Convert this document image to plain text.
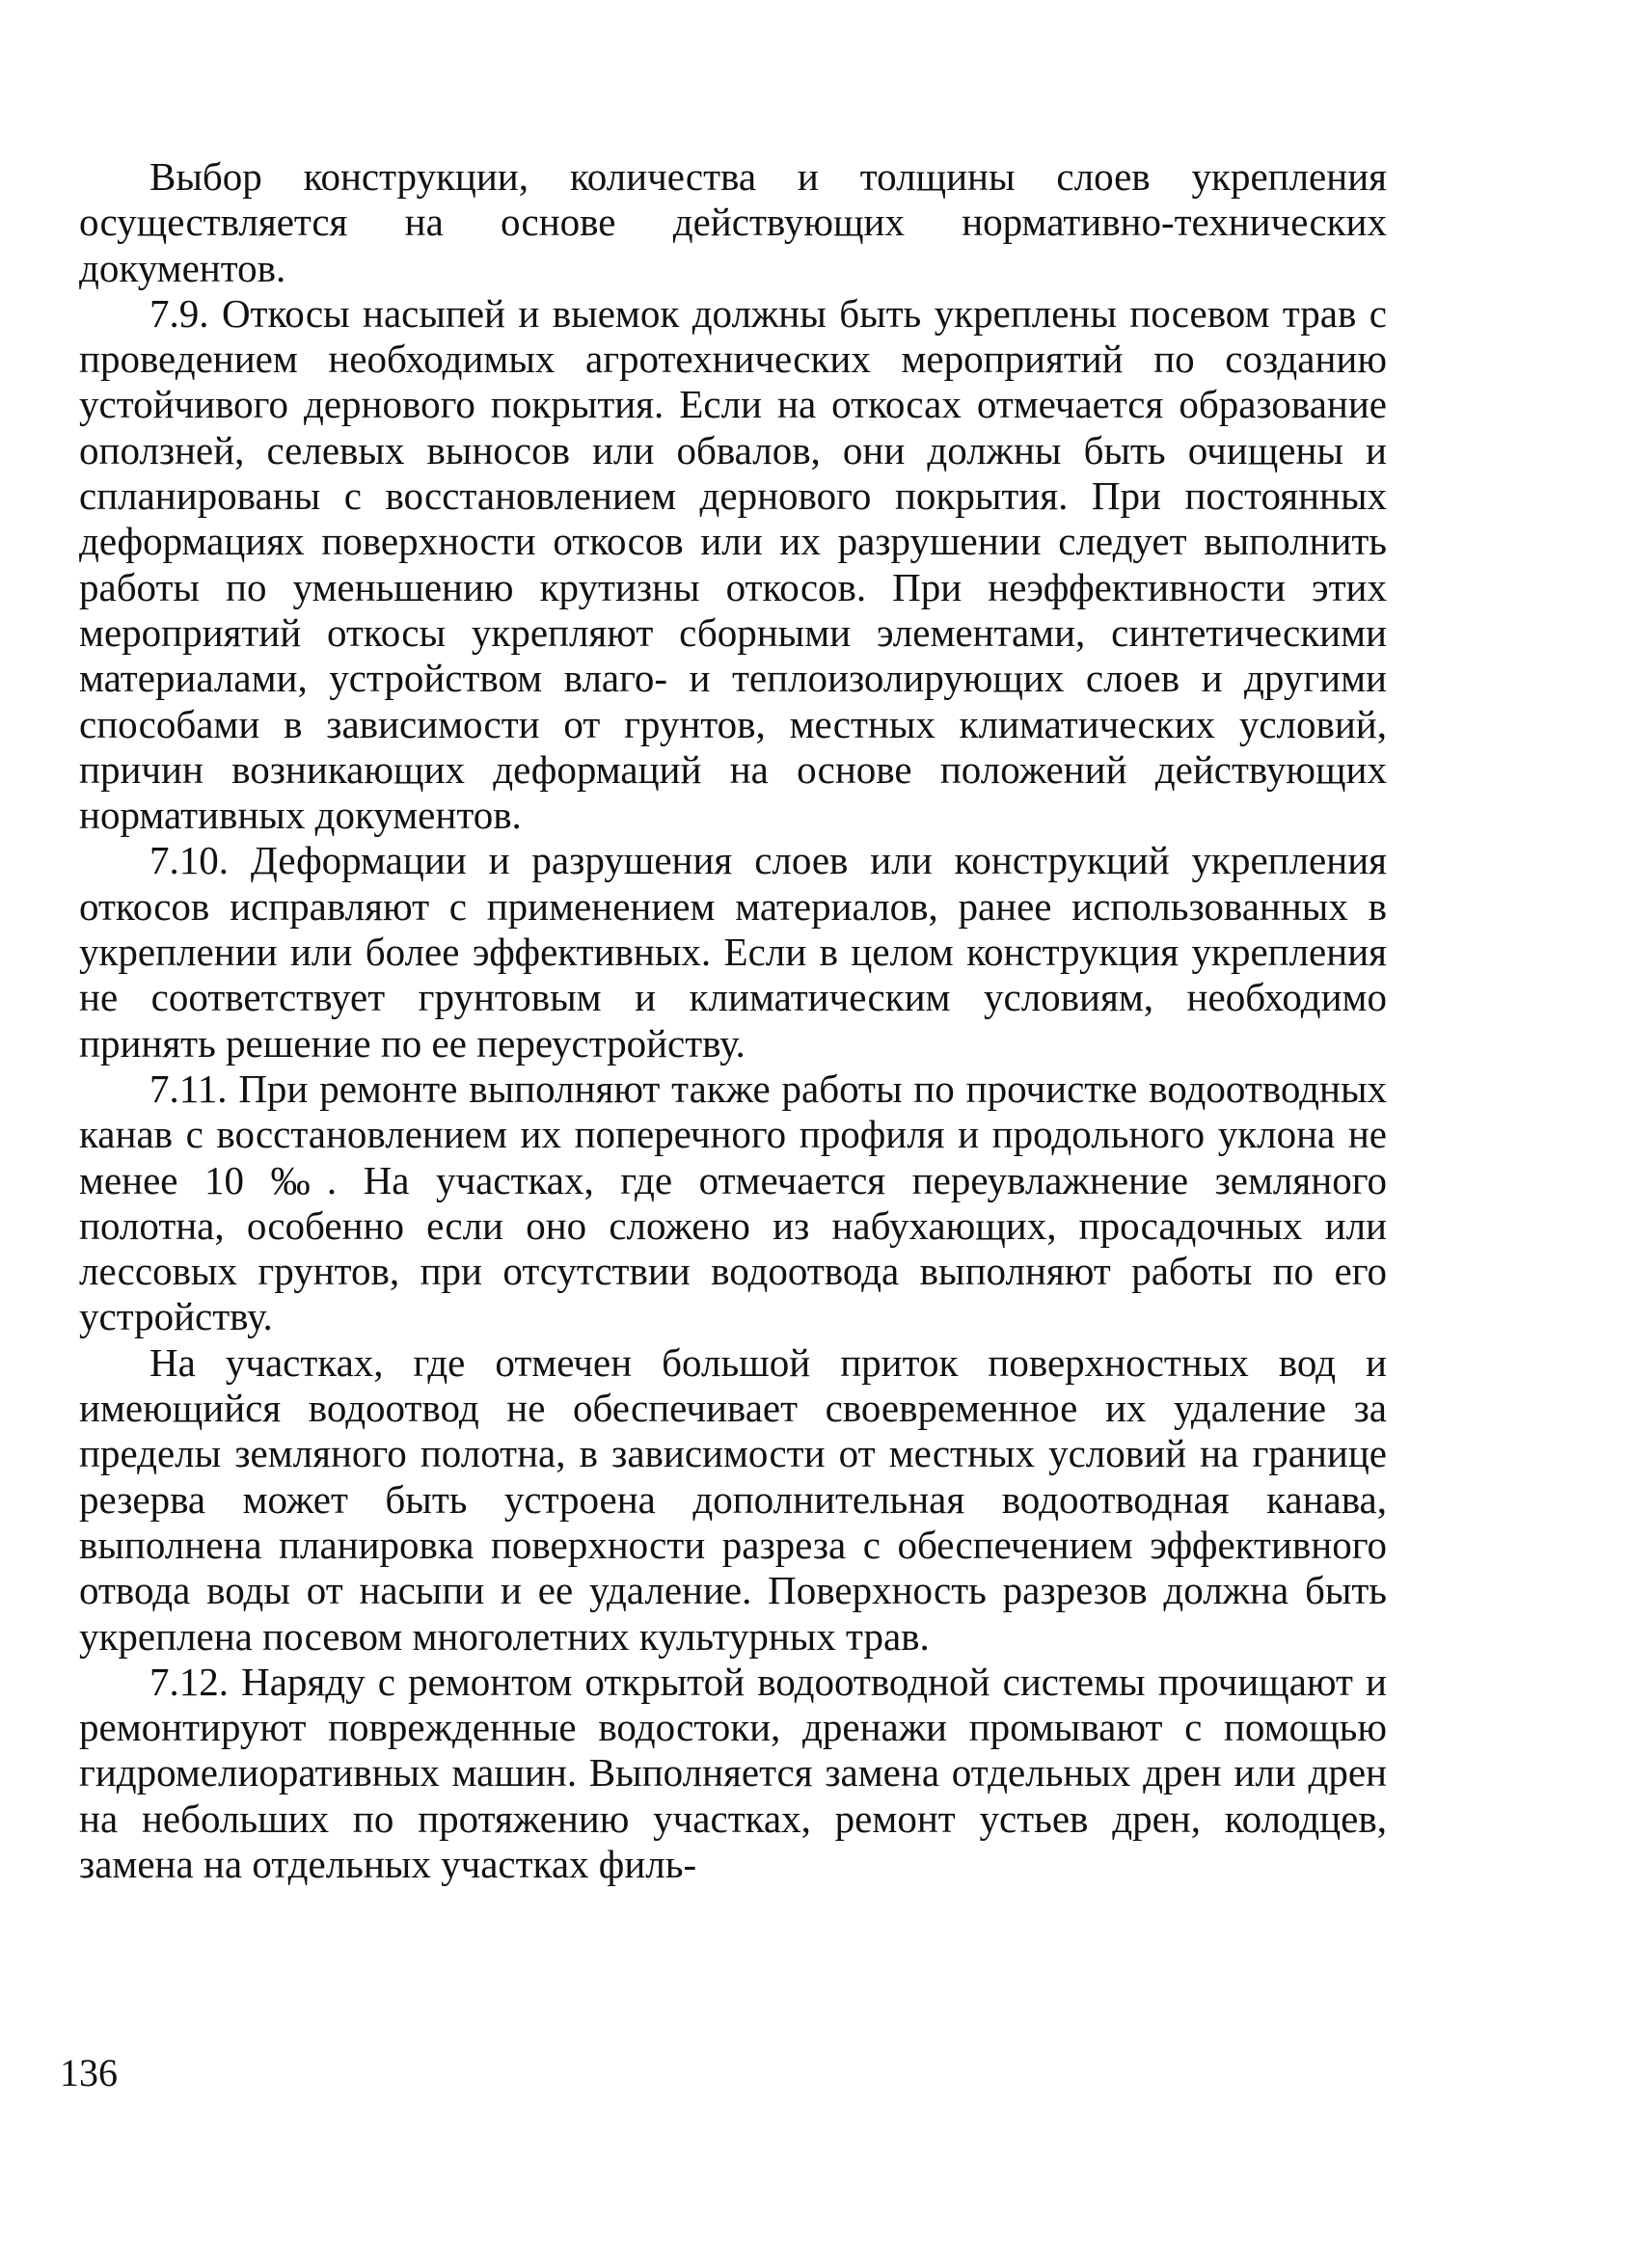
Выбор конструкции, количества и толщины слоев укрепления осуществляется на основе действующих нормативно-технических документов.

7.9. Откосы насыпей и выемок должны быть укреплены посевом трав с проведением необходимых агротехнических мероприятий по созданию устойчивого дернового покрытия. Если на откосах отмечается образование оползней, селевых выносов или обвалов, они должны быть очищены и спланированы с восстановлением дернового покрытия. При постоянных деформациях поверхности откосов или их разрушении следует выполнить работы по уменьшению крутизны откосов. При неэффективности этих мероприятий откосы укрепляют сборными элементами, синтетическими материалами, устройством влаго- и теплоизолирующих слоев и другими способами в зависимости от грунтов, местных климатических условий, причин возникающих деформаций на основе положений действующих нормативных документов.

7.10. Деформации и разрушения слоев или конструкций укрепления откосов исправляют с применением материалов, ранее использованных в укреплении или более эффективных. Если в целом конструкция укрепления не соответствует грунтовым и климатическим условиям, необходимо принять решение по ее переустройству.

7.11. При ремонте выполняют также работы по прочистке водоотводных канав с восстановлением их поперечного профиля и продольного уклона не менее 10 ‰. На участках, где отмечается переувлажнение земляного полотна, особенно если оно сложено из набухающих, просадочных или лессовых грунтов, при отсутствии водоотвода выполняют работы по его устройству.

На участках, где отмечен большой приток поверхностных вод и имеющийся водоотвод не обеспечивает своевременное их удаление за пределы земляного полотна, в зависимости от местных условий на границе резерва может быть устроена дополнительная водоотводная канава, выполнена планировка поверхности разреза с обеспечением эффективного отвода воды от насыпи и ее удаление. Поверхность разрезов должна быть укреплена посевом многолетних культурных трав.

7.12. Наряду с ремонтом открытой водоотводной системы прочищают и ремонтируют поврежденные водостоки, дренажи промывают с помощью гидромелиоративных машин. Выполняется замена отдельных дрен или дрен на небольших по протяжению участках, ремонт устьев дрен, колодцев, замена на отдельных участках филь-

136
